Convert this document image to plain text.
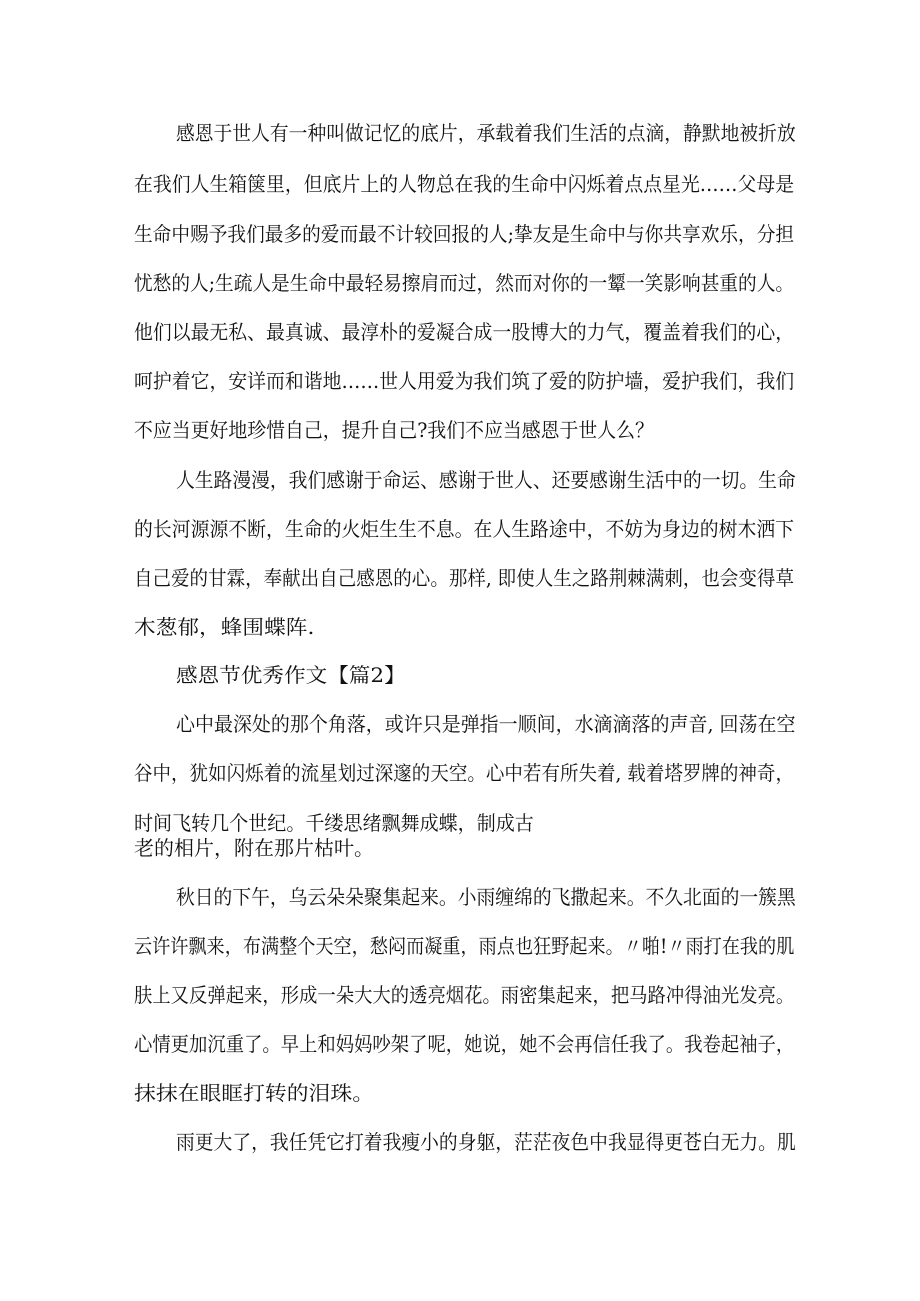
感恩于世人有一种叫做记忆的底片，承载着我们生活的点滴，静默地被折放
在我们人生箱箧里，但底片上的人物总在我的生命中闪烁着点点星光……父母是
生命中赐予我们最多的爱而最不计较回报的人;挚友是生命中与你共享欢乐，分担
忧愁的人;生疏人是生命中最轻易擦肩而过，然而对你的一颦一笑影响甚重的人。
他们以最无私、最真诚、最淳朴的爱凝合成一股博大的力气，覆盖着我们的心，
呵护着它，安详而和谐地……世人用爱为我们筑了爱的防护墙，爱护我们，我们
不应当更好地珍惜自己，提升自己?我们不应当感恩于世人么？
人生路漫漫，我们感谢于命运、感谢于世人、还要感谢生活中的一切。生命
的长河源源不断，生命的火炬生生不息。在人生路途中，不妨为身边的树木洒下
自己爱的甘霖，奉献出自己感恩的心。那样, 即使人生之路荆棘满刺，也会变得草
木葱郁，蜂围蝶阵.
感恩节优秀作文【篇2】
心中最深处的那个角落，或许只是弹指一顺间，水滴滴落的声音, 回荡在空
谷中，犹如闪烁着的流星划过深邃的天空。心中若有所失着, 载着塔罗牌的神奇，
时间飞转几个世纪。千缕思绪飘舞成蝶，制成古
老的相片，附在那片枯叶。
秋日的下午，乌云朵朵聚集起来。小雨缠绵的飞撒起来。不久北面的一簇黑
云许许飘来，布满整个天空，愁闷而凝重，雨点也狂野起来。〃啪!〃雨打在我的肌
肤上又反弹起来，形成一朵大大的透亮烟花。雨密集起来，把马路冲得油光发亮。
心情更加沉重了。早上和妈妈吵架了呢，她说，她不会再信任我了。我卷起袖子，
抹抹在眼眶打转的泪珠。
雨更大了，我任凭它打着我瘦小的身躯，茫茫夜色中我显得更苍白无力。肌
